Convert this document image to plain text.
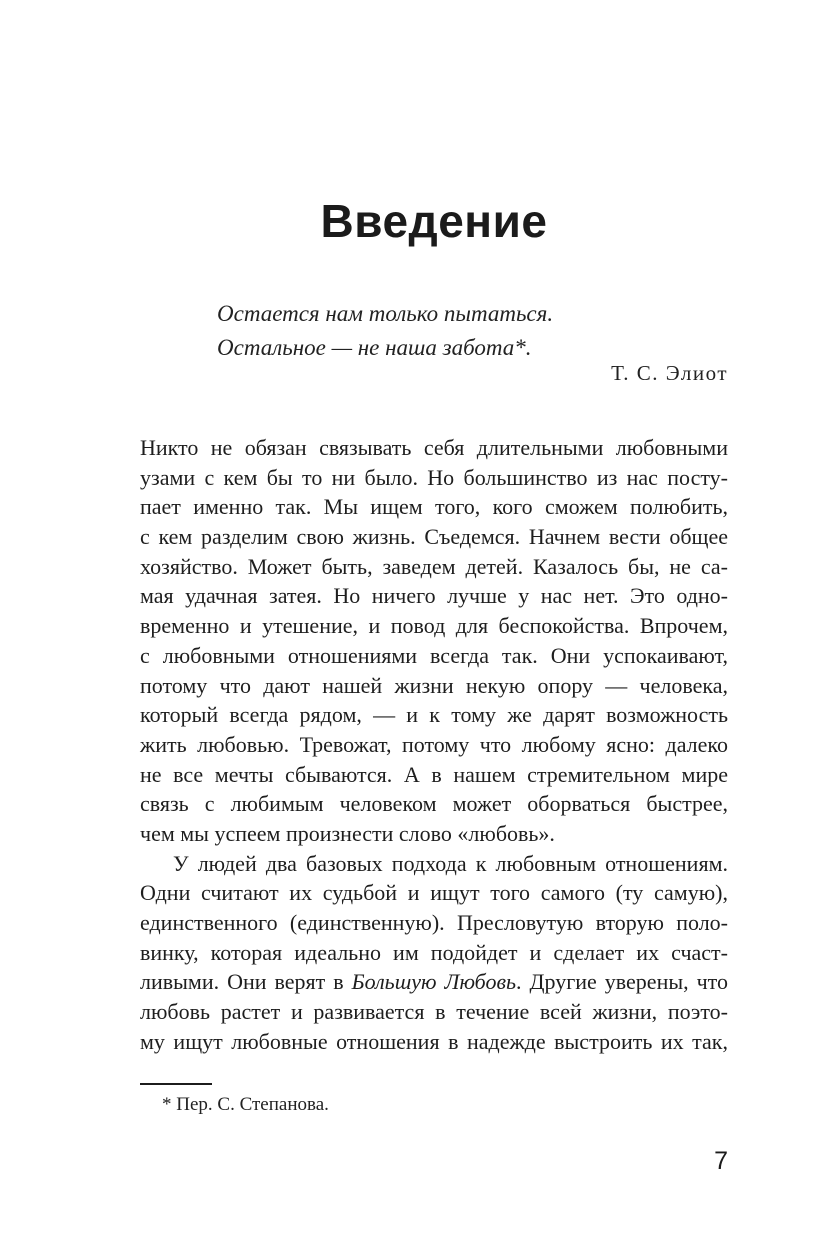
Введение
Остается нам только пытаться.
Остальное — не наша забота*.
Т. С. Элиот
Никто не обязан связывать себя длительными любовными
узами с кем бы то ни было. Но большинство из нас посту-
пает именно так. Мы ищем того, кого сможем полюбить,
с кем разделим свою жизнь. Съедемся. Начнем вести общее
хозяйство. Может быть, заведем детей. Казалось бы, не са-
мая удачная затея. Но ничего лучше у нас нет. Это одно-
временно и утешение, и повод для беспокойства. Впрочем,
с любовными отношениями всегда так. Они успокаивают,
потому что дают нашей жизни некую опору — человека,
который всегда рядом, — и к тому же дарят возможность
жить любовью. Тревожат, потому что любому ясно: далеко
не все мечты сбываются. А в нашем стремительном мире
связь с любимым человеком может оборваться быстрее,
чем мы успеем произнести слово «любовь».
У людей два базовых подхода к любовным отношениям.
Одни считают их судьбой и ищут того самого (ту самую),
единственного (единственную). Пресловутую вторую поло-
винку, которая идеально им подойдет и сделает их счаст-
ливыми. Они верят в Большую Любовь. Другие уверены, что
любовь растет и развивается в течение всей жизни, поэто-
му ищут любовные отношения в надежде выстроить их так,
* Пер. С. Степанова.
7
